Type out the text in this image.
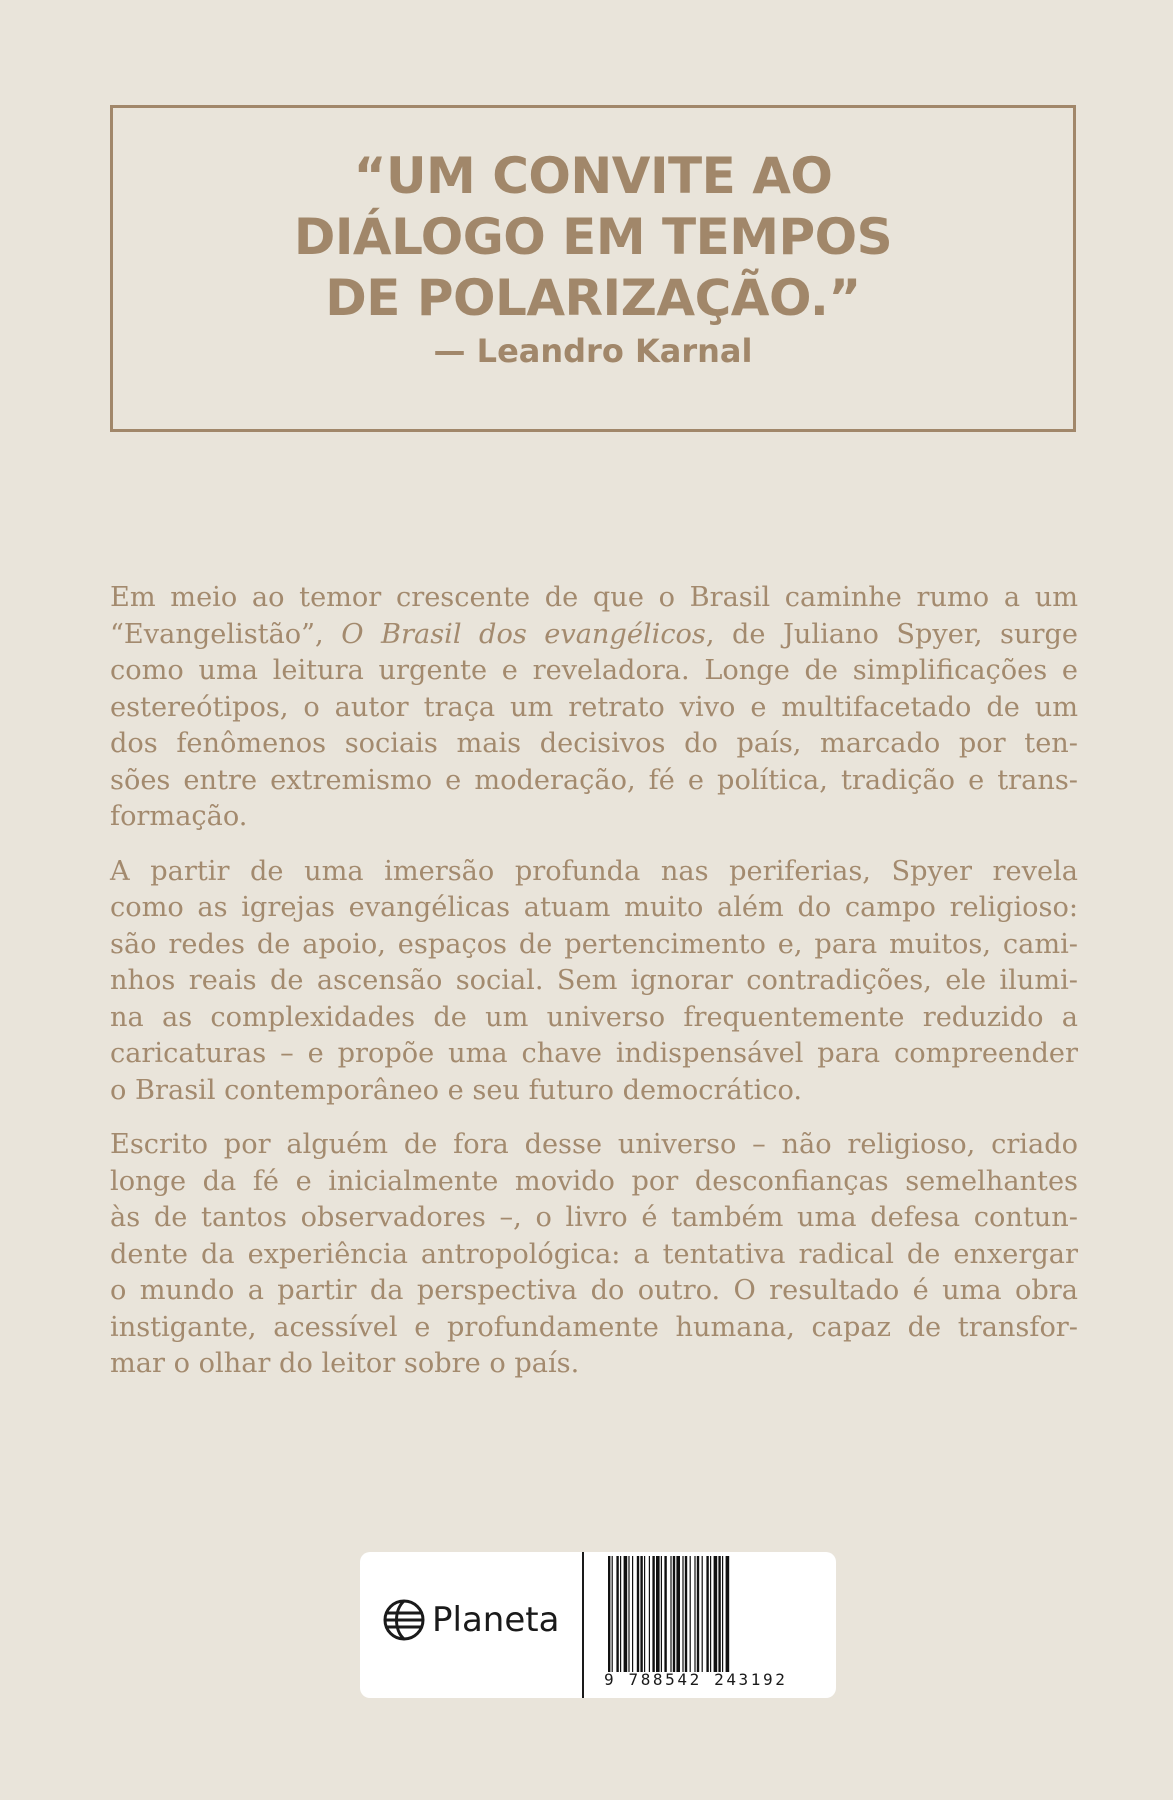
“UM CONVITE AO
DIÁLOGO EM TEMPOS
DE POLARIZAÇÃO.”
— Leandro Karnal

Em meio ao temor crescente de que o Brasil caminhe rumo a um
“Evangelistão”, O Brasil dos evangélicos, de Juliano Spyer, surge
como uma leitura urgente e reveladora. Longe de simplificações e
estereótipos, o autor traça um retrato vivo e multifacetado de um
dos fenômenos sociais mais decisivos do país, marcado por ten-
sões entre extremismo e moderação, fé e política, tradição e trans-
formação.

A partir de uma imersão profunda nas periferias, Spyer revela
como as igrejas evangélicas atuam muito além do campo religioso:
são redes de apoio, espaços de pertencimento e, para muitos, cami-
nhos reais de ascensão social. Sem ignorar contradições, ele ilumi-
na as complexidades de um universo frequentemente reduzido a
caricaturas – e propõe uma chave indispensável para compreender
o Brasil contemporâneo e seu futuro democrático.

Escrito por alguém de fora desse universo – não religioso, criado
longe da fé e inicialmente movido por desconfianças semelhantes
às de tantos observadores –, o livro é também uma defesa contun-
dente da experiência antropológica: a tentativa radical de enxergar
o mundo a partir da perspectiva do outro. O resultado é uma obra
instigante, acessível e profundamente humana, capaz de transfor-
mar o olhar do leitor sobre o país.

Planeta
9 788542 243192
